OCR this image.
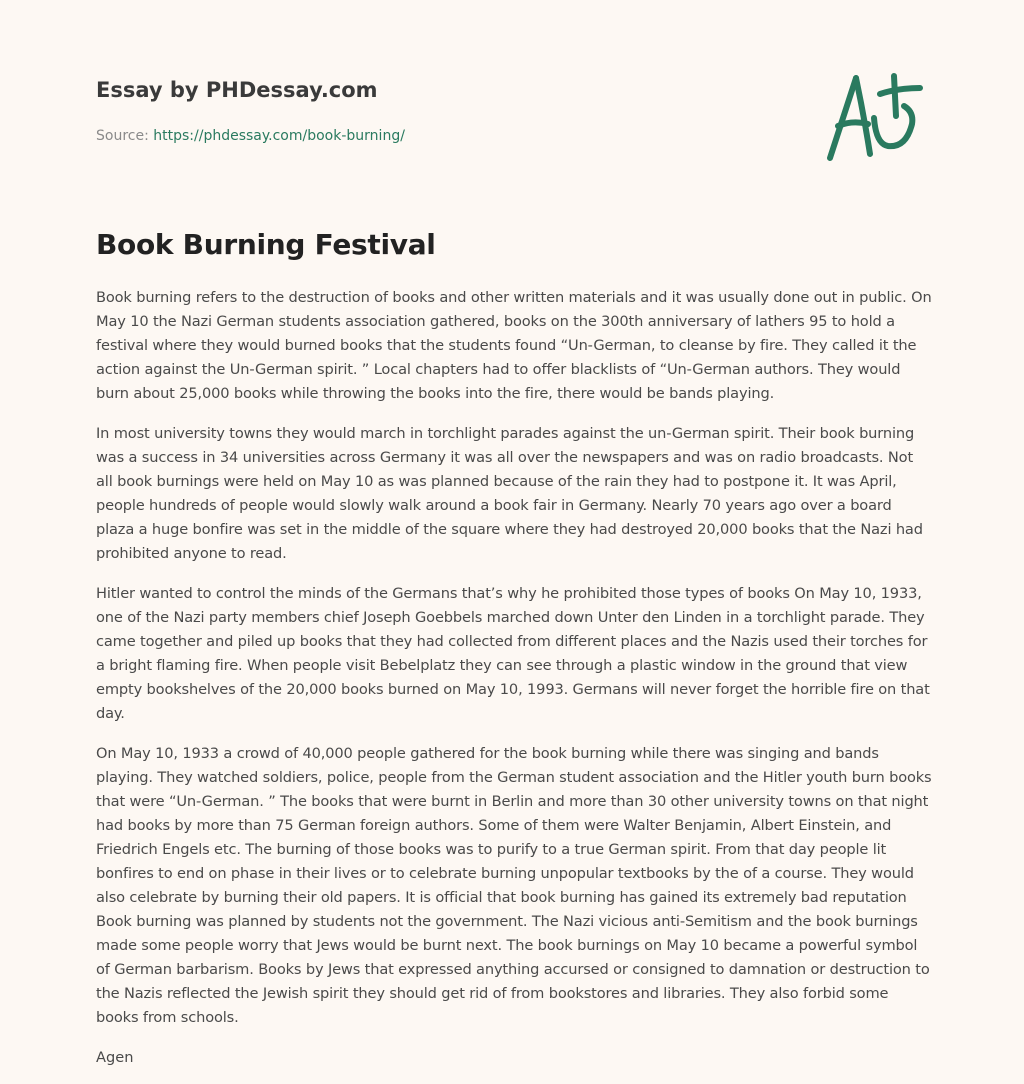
Essay by PHDessay.com
Source: https://phdessay.com/book-burning/
Book Burning Festival

Book burning refers to the destruction of books and other written materials and it was usually done out in public. On May 10 the Nazi German students association gathered, books on the 300th anniversary of lathers 95 to hold a festival where they would burned books that the students found “Un-German, to cleanse by fire. They called it the action against the Un-German spirit. ” Local chapters had to offer blacklists of “Un-German authors. They would burn about 25,000 books while throwing the books into the fire, there would be bands playing.

In most university towns they would march in torchlight parades against the un-German spirit. Their book burning was a success in 34 universities across Germany it was all over the newspapers and was on radio broadcasts. Not all book burnings were held on May 10 as was planned because of the rain they had to postpone it. It was April, people hundreds of people would slowly walk around a book fair in Germany. Nearly 70 years ago over a board plaza a huge bonfire was set in the middle of the square where they had destroyed 20,000 books that the Nazi had prohibited anyone to read.

Hitler wanted to control the minds of the Germans that’s why he prohibited those types of books On May 10, 1933, one of the Nazi party members chief Joseph Goebbels marched down Unter den Linden in a torchlight parade. They came together and piled up books that they had collected from different places and the Nazis used their torches for a bright flaming fire. When people visit Bebelplatz they can see through a plastic window in the ground that view empty bookshelves of the 20,000 books burned on May 10, 1993. Germans will never forget the horrible fire on that day.

On May 10, 1933 a crowd of 40,000 people gathered for the book burning while there was singing and bands playing. They watched soldiers, police, people from the German student association and the Hitler youth burn books that were “Un-German. ” The books that were burnt in Berlin and more than 30 other university towns on that night had books by more than 75 German foreign authors. Some of them were Walter Benjamin, Albert Einstein, and Friedrich Engels etc. The burning of those books was to purify to a true German spirit. From that day people lit bonfires to end on phase in their lives or to celebrate burning unpopular textbooks by the of a course. They would also celebrate by burning their old papers. It is official that book burning has gained its extremely bad reputation Book burning was planned by students not the government. The Nazi vicious anti-Semitism and the book burnings made some people worry that Jews would be burnt next. The book burnings on May 10 became a powerful symbol of German barbarism. Books by Jews that expressed anything accursed or consigned to damnation or destruction to the Nazis reflected the Jewish spirit they should get rid of from bookstores and libraries. They also forbid some books from schools.

Agen
